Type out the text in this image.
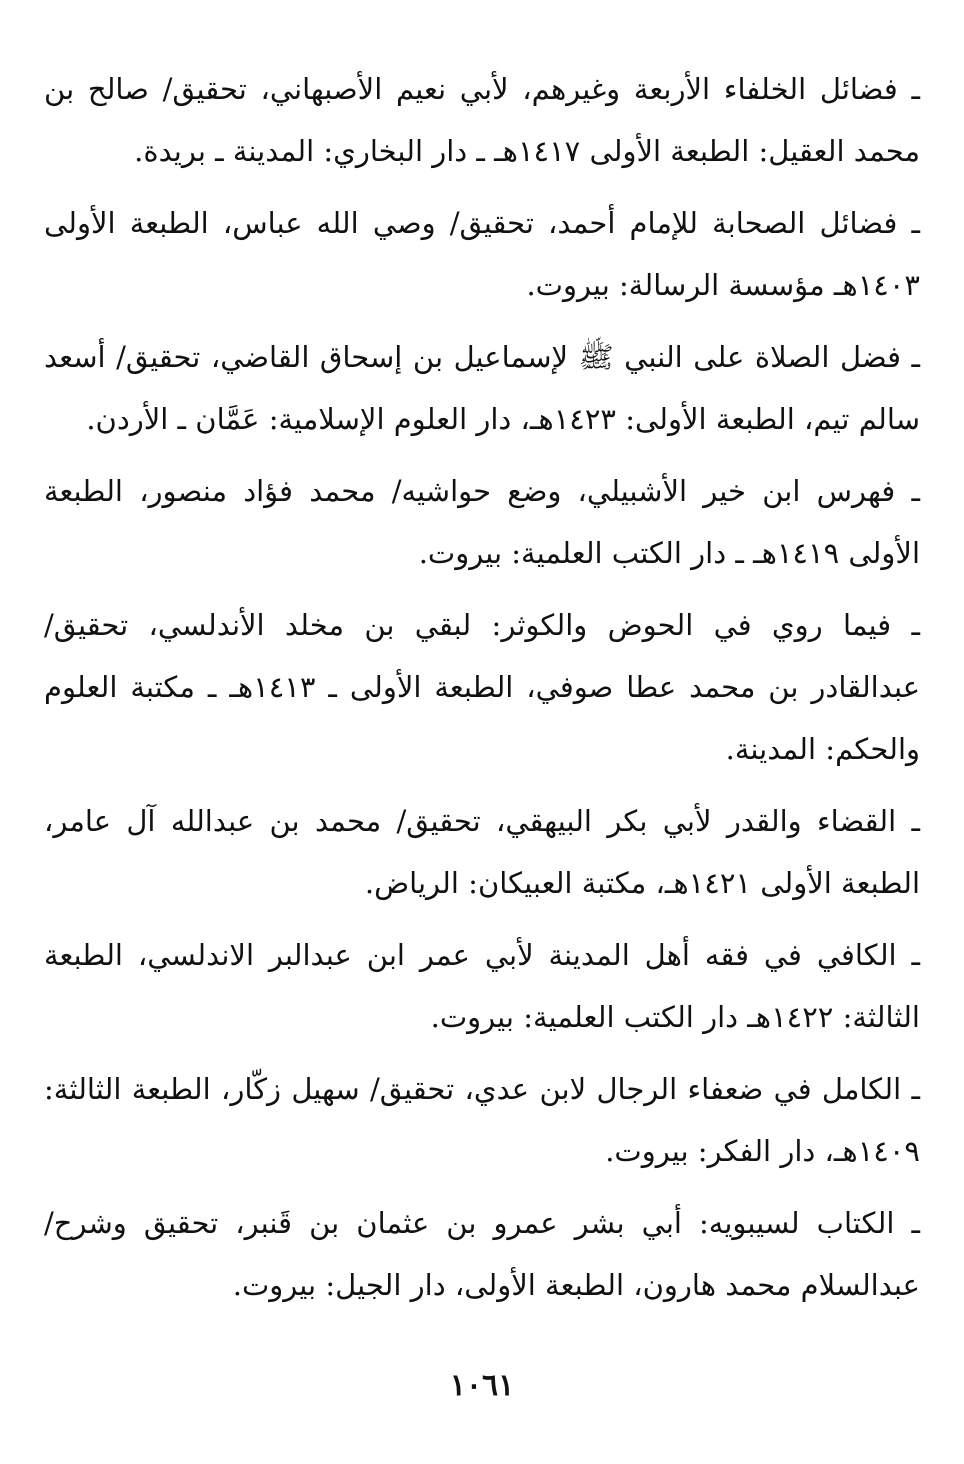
ـ فضائل الخلفاء الأربعة وغيرهم، لأبي نعيم الأصبهاني، تحقيق/ صالح بن محمد العقيل: الطبعة الأولى ١٤١٧هـ ـ دار البخاري: المدينة ـ بريدة.

ـ فضائل الصحابة للإمام أحمد، تحقيق/ وصي الله عباس، الطبعة الأولى ١٤٠٣هـ مؤسسة الرسالة: بيروت.

ـ فضل الصلاة على النبي ﷺ لإسماعيل بن إسحاق القاضي، تحقيق/ أسعد سالم تيم، الطبعة الأولى: ١٤٢٣هـ، دار العلوم الإسلامية: عَمَّان ـ الأردن.

ـ فهرس ابن خير الأشبيلي، وضع حواشيه/ محمد فؤاد منصور، الطبعة الأولى ١٤١٩هـ ـ دار الكتب العلمية: بيروت.

ـ فيما روي في الحوض والكوثر: لبقي بن مخلد الأندلسي، تحقيق/ عبدالقادر بن محمد عطا صوفي، الطبعة الأولى ـ ١٤١٣هـ ـ مكتبة العلوم والحكم: المدينة.

ـ القضاء والقدر لأبي بكر البيهقي، تحقيق/ محمد بن عبدالله آل عامر، الطبعة الأولى ١٤٢١هـ، مكتبة العبيكان: الرياض.

ـ الكافي في فقه أهل المدينة لأبي عمر ابن عبدالبر الاندلسي، الطبعة الثالثة: ١٤٢٢هـ دار الكتب العلمية: بيروت.

ـ الكامل في ضعفاء الرجال لابن عدي، تحقيق/ سهيل زكّار، الطبعة الثالثة: ١٤٠٩هـ، دار الفكر: بيروت.

ـ الكتاب لسيبويه: أبي بشر عمرو بن عثمان بن قَنبر، تحقيق وشرح/ عبدالسلام محمد هارون، الطبعة الأولى، دار الجيل: بيروت.

١٠٦١
